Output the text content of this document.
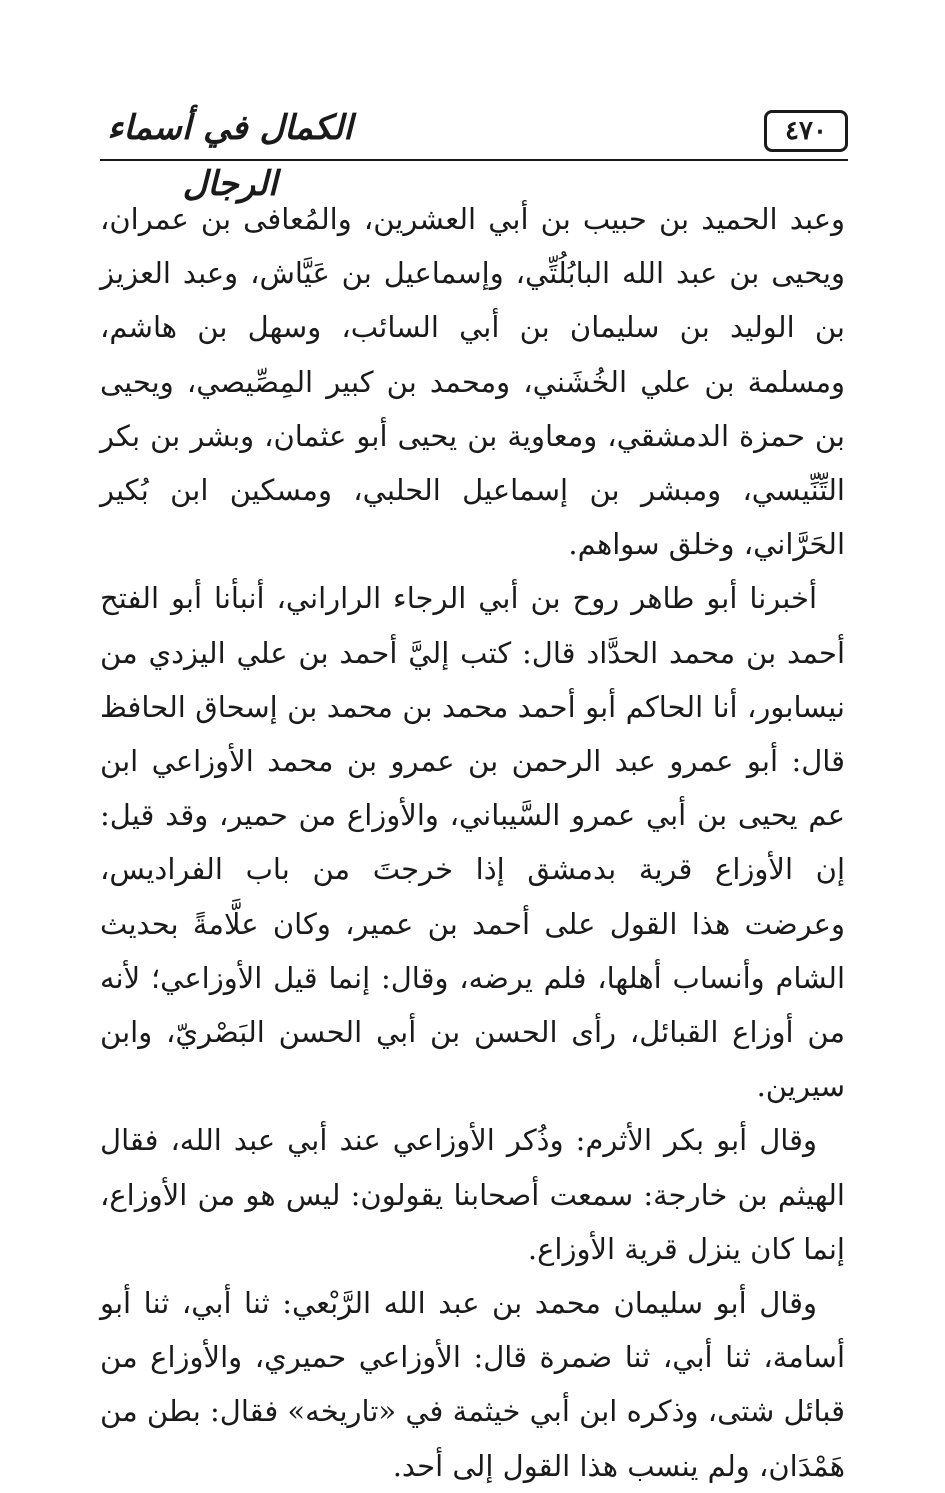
٤٧٠
الكمال في أسماء الرجال

وعبد الحميد بن حبيب بن أبي العشرين، والمُعافى بن عمران، ويحيى بن عبد الله البابُلُتِّي، وإسماعيل بن عَيَّاش، وعبد العزيز بن الوليد بن سليمان بن أبي السائب، وسهل بن هاشم، ومسلمة بن علي الخُشَني، ومحمد بن كبير المِصِّيصي، ويحيى بن حمزة الدمشقي، ومعاوية بن يحيى أبو عثمان، وبشر بن بكر التِّنِّيسي، ومبشر بن إسماعيل الحلبي، ومسكين ابن بُكير الحَرَّاني، وخلق سواهم.

أخبرنا أبو طاهر روح بن أبي الرجاء الراراني، أنبأنا أبو الفتح أحمد بن محمد الحدَّاد قال: كتب إليَّ أحمد بن علي اليزدي من نيسابور، أنا الحاكم أبو أحمد محمد بن محمد بن إسحاق الحافظ قال: أبو عمرو عبد الرحمن بن عمرو بن محمد الأوزاعي ابن عم يحيى بن أبي عمرو السَّيباني، والأوزاع من حمير، وقد قيل: إن الأوزاع قرية بدمشق إذا خرجتَ من باب الفراديس، وعرضت هذا القول على أحمد بن عمير، وكان علَّامةً بحديث الشام وأنساب أهلها، فلم يرضه، وقال: إنما قيل الأوزاعي؛ لأنه من أوزاع القبائل، رأى الحسن بن أبي الحسن البَصْريّ، وابن سيرين.

وقال أبو بكر الأثرم: وذُكر الأوزاعي عند أبي عبد الله، فقال الهيثم بن خارجة: سمعت أصحابنا يقولون: ليس هو من الأوزاع، إنما كان ينزل قرية الأوزاع.

وقال أبو سليمان محمد بن عبد الله الرَّبْعي: ثنا أبي، ثنا أبو أسامة، ثنا أبي، ثنا ضمرة قال: الأوزاعي حميري، والأوزاع من قبائل شتى، وذكره ابن أبي خيثمة في «تاريخه» فقال: بطن من هَمْدَان، ولم ينسب هذا القول إلى أحد.
